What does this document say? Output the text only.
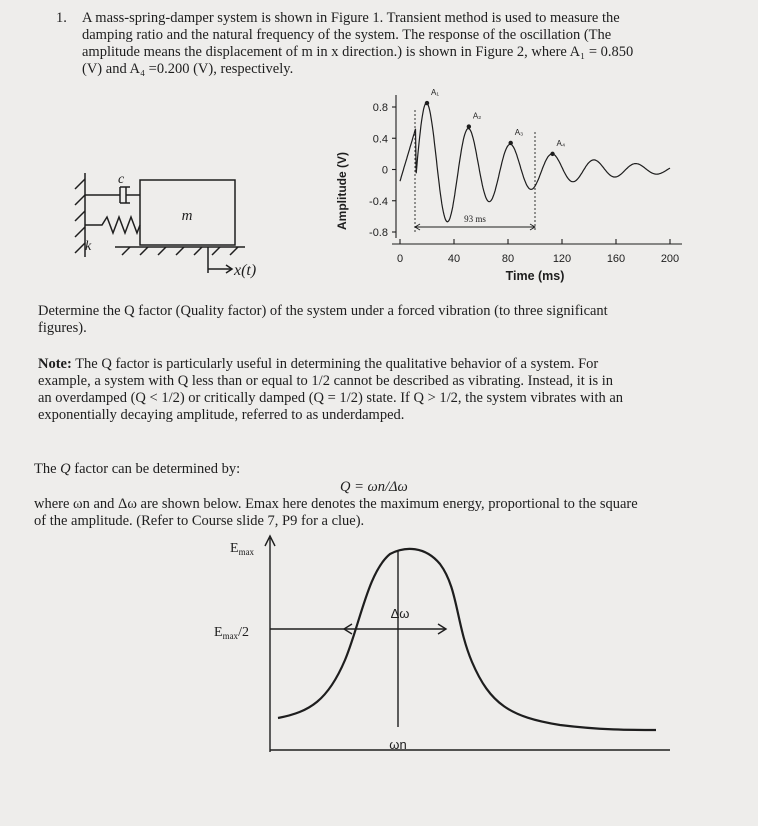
1. A mass-spring-damper system is shown in Figure 1. Transient method is used to measure the
damping ratio and the natural frequency of the system. The response of the oscillation (The
amplitude means the displacement of m in x direction.) is shown in Figure 2, where A₁ = 0.850
(V) and A₄ =0.200 (V), respectively.
m
k
c
x(t)
Amplitude (V)
0.8
0.4
0
-0.4
-0.8
0	40	80	120	160	200
A₁
A₂
A₃
A₄
93 ms
Time (ms)
Determine the Q factor (Quality factor) of the system under a forced vibration (to three significant
figures).
Note: The Q factor is particularly useful in determining the qualitative behavior of a system. For
example, a system with Q less than or equal to 1/2 cannot be described as vibrating. Instead, it is in
an overdamped (Q < 1/2) or critically damped (Q = 1/2) state. If Q > 1/2, the system vibrates with an
exponentially decaying amplitude, referred to as underdamped.
The Q factor can be determined by:
Q = ωn/Δω
where ωn and Δω are shown below. Emax here denotes the maximum energy, proportional to the square
of the amplitude. (Refer to Course slide 7, P9 for a clue).
$E_{max}$
$E_{max}/2$
Δω
ωn
